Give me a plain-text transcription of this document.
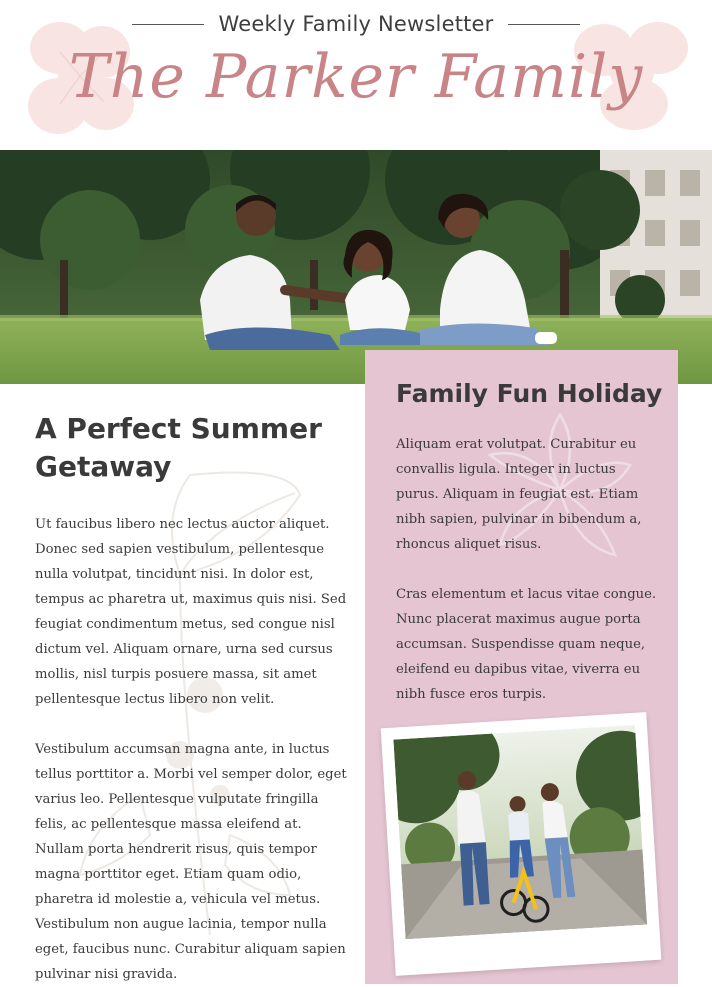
Weekly Family Newsletter
The Parker Family
A Perfect Summer Getaway

Ut faucibus libero nec lectus auctor aliquet. Donec sed sapien vestibulum, pellentesque nulla volutpat, tincidunt nisi. In dolor est, tempus ac pharetra ut, maximus quis nisi. Sed feugiat condimentum metus, sed congue nisl dictum vel. Aliquam ornare, urna sed cursus mollis, nisl turpis posuere massa, sit amet pellentesque lectus libero non velit.

Vestibulum accumsan magna ante, in luctus tellus porttitor a. Morbi vel semper dolor, eget varius leo. Pellentesque vulputate fringilla felis, ac pellentesque massa eleifend at. Nullam porta hendrerit risus, quis tempor magna porttitor eget. Etiam quam odio, pharetra id molestie a, vehicula vel metus. Vestibulum non augue lacinia, tempor nulla eget, faucibus nunc. Curabitur aliquam sapien pulvinar nisi gravida.

Family Fun Holiday

Aliquam erat volutpat. Curabitur eu convallis ligula. Integer in luctus purus. Aliquam in feugiat est. Etiam nibh sapien, pulvinar in bibendum a, rhoncus aliquet risus.

Cras elementum et lacus vitae congue. Nunc placerat maximus augue porta accumsan. Suspendisse quam neque, eleifend eu dapibus vitae, viverra eu nibh fusce eros turpis.
